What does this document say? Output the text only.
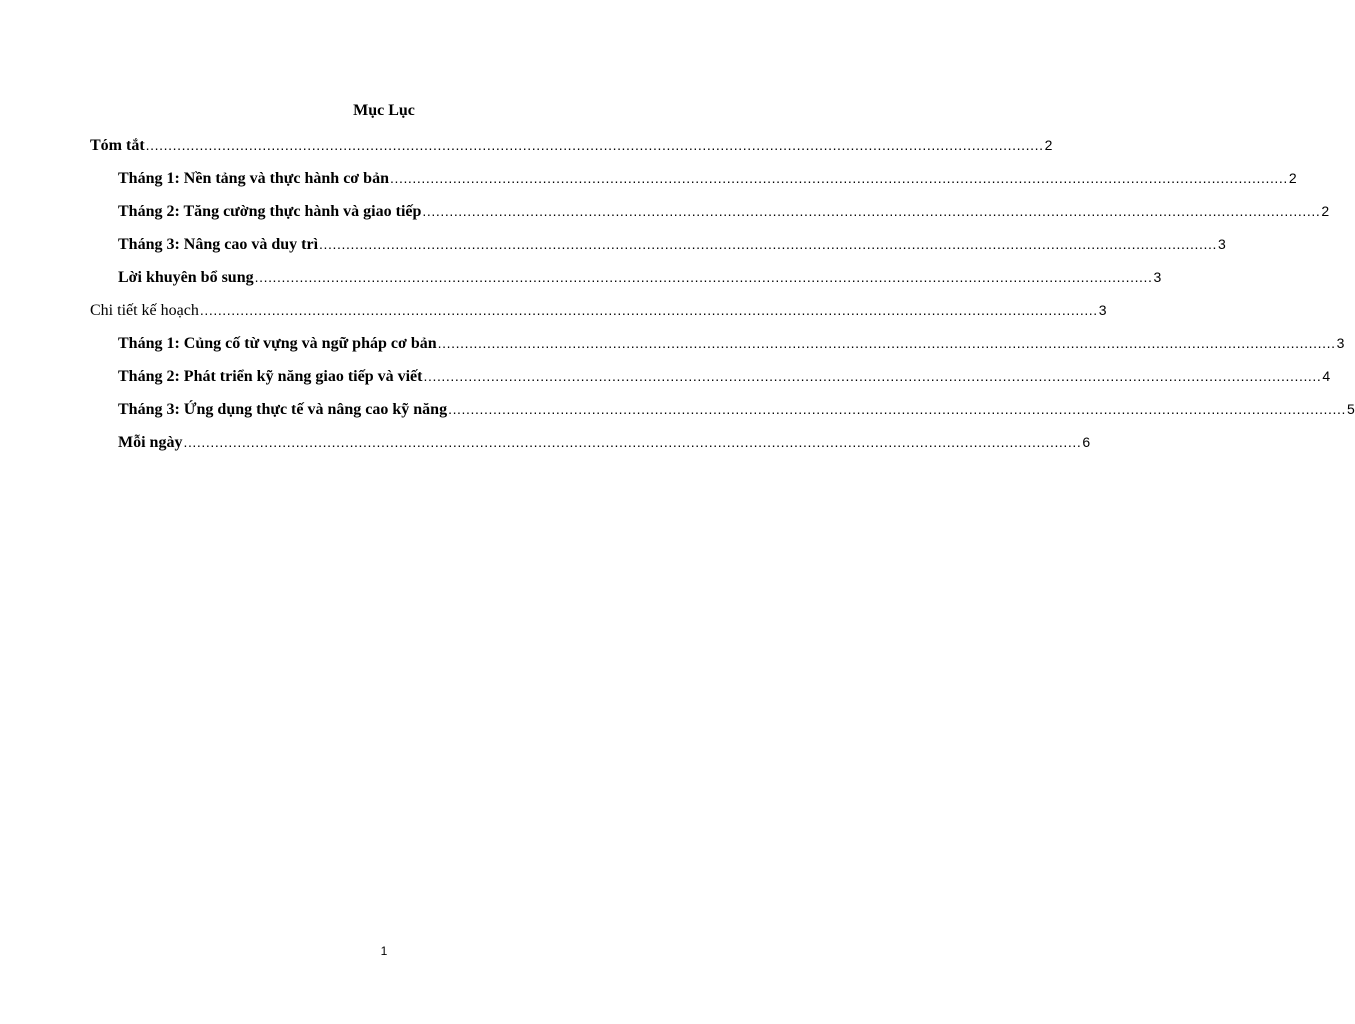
Mục Lục
Tóm tắt ........................................................................................................................................................................................................ 2
Tháng 1: Nền tảng và thực hành cơ bản ........................................................................................................................................................................................................ 2
Tháng 2: Tăng cường thực hành và giao tiếp ........................................................................................................................................................................................................ 2
Tháng 3: Nâng cao và duy trì ........................................................................................................................................................................................................ 3
Lời khuyên bổ sung ........................................................................................................................................................................................................ 3
Chi tiết kế hoạch ........................................................................................................................................................................................................ 3
Tháng 1: Củng cố từ vựng và ngữ pháp cơ bản ........................................................................................................................................................................................................ 3
Tháng 2: Phát triển kỹ năng giao tiếp và viết ........................................................................................................................................................................................................ 4
Tháng 3: Ứng dụng thực tế và nâng cao kỹ năng ........................................................................................................................................................................................................ 5
Mỗi ngày ........................................................................................................................................................................................................ 6
1
